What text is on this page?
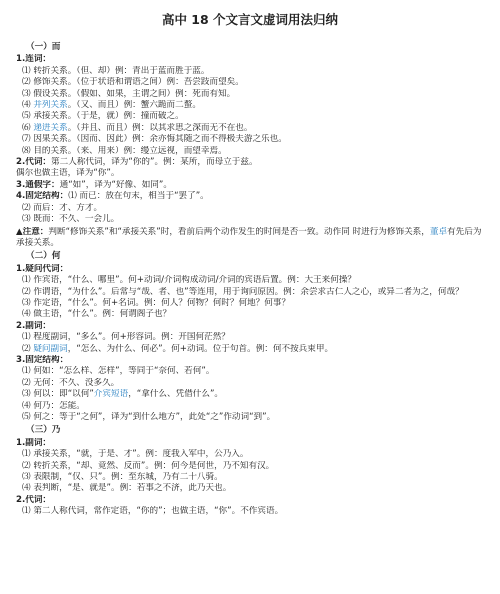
高中 18 个文言文虚词用法归纳
（一）而
1.连词：
⑴ 转折关系。（但、却）例：青出于蓝而胜于蓝。
⑵ 修饰关系。（位于状语和谓语之间）例：吾尝跂而望矣。
⑶ 假设关系。（假如、如果，主谓之间）例：死而有知。
⑷ 并列关系。（又、而且）例：蟹六跪而二螯。
⑸ 承接关系。（于是，就）例：撞而破之。
⑹ 递进关系。（并且、而且）例：以其求思之深而无不在也。
⑺ 因果关系。（因而、因此）例：余亦悔其随之而不得极夫游之乐也。
⑻ 目的关系。（来、用来）例：缦立远视，而望幸焉。
2.代词：第二人称代词，译为“你的”。例：某所，而母立于兹。
偶尔也做主语，译为“你”。
3.通假字：通“如”，译为“好像、如同”。
4.固定结构：⑴ 而已：放在句末，相当于“罢了”。
⑵ 而后：才、方才。
⑶ 既而：不久、一会儿。
▲注意：判断“修饰关系”和“承接关系”时，看前后两个动作发生的时间是否一致。动作同 时进行为修饰关系，董卓有先后为承接关系。
（二）何
1.疑问代词：
⑴ 作宾语，“什么、哪里”。何+动词/介词构成动词/介词的宾语后置。例：大王来何操？
⑵ 作谓语，“为什么”。后常与“哉、者、也”等连用，用于询问原因。例：余尝求古仁人之心，或异二者为之，何哉？
⑶ 作定语，“什么”。何+名词。例：何人？何物？何时？何地？何事？
⑷ 做主语，“什么”。例：何谓阁子也？
2.副词：
⑴ 程度副词，“多么”。何+形容词。例：开国何茫然？
⑵ 疑问副词，“怎么、为什么、何必”。何+动词。位于句首。例：何不按兵束甲。
3.固定结构：
⑴ 何如：“怎么样、怎样”，等同于“奈何、若何”。
⑵ 无何：不久、没多久。
⑶ 何以：即“以何”介宾短语，“拿什么、凭借什么”。
⑷ 何乃：怎能。
⑸ 何之：等于“之何”，译为“到什么地方”，此处“之”作动词“到”。
（三）乃
1.副词：
⑴ 承接关系，“就，于是、才”。例：度我入军中，公乃入。
⑵ 转折关系，“却、竟然、反而”。例：何今是何世，乃不知有汉。
⑶ 表限制，“仅、只”。例：至东城，乃有二十八骑。
⑷ 表判断，“是、就是”。例：若事之不济，此乃天也。
2.代词：
⑴ 第二人称代词，常作定语，“你的”；也做主语，“你”。不作宾语。
